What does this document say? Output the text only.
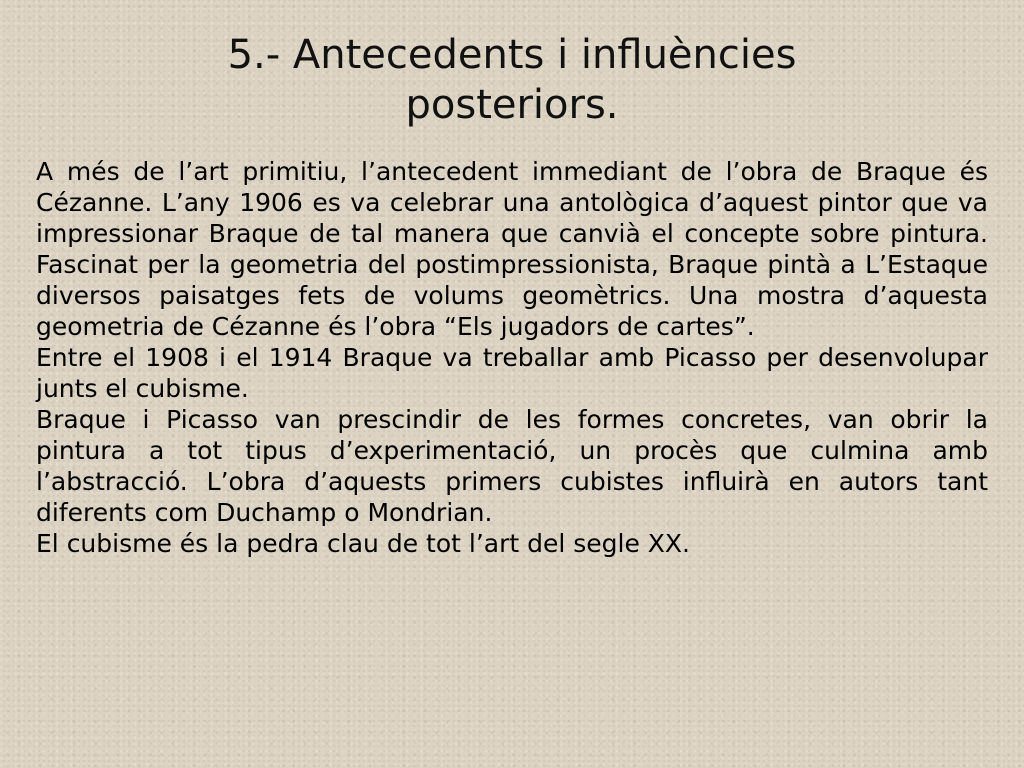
5.- Antecedents i influències
posteriors.

A més de l’art primitiu, l’antecedent immediant de l’obra de Braque és Cézanne. L’any 1906 es va celebrar una antològica d’aquest pintor que va impressionar Braque de tal manera que canvià el concepte sobre pintura. Fascinat per la geometria del postimpressionista, Braque pintà a L’Estaque diversos paisatges fets de volums geomètrics. Una mostra d’aquesta geometria de Cézanne és l’obra “Els jugadors de cartes”.

Entre el 1908 i el 1914 Braque va treballar amb Picasso per desenvolupar junts el cubisme.

Braque i Picasso van prescindir de les formes concretes, van obrir la pintura a tot tipus d’experimentació, un procès que culmina amb l’abstracció. L’obra d’aquests primers cubistes influirà en autors tant diferents com Duchamp o Mondrian.

El cubisme és la pedra clau de tot l’art del segle XX.
